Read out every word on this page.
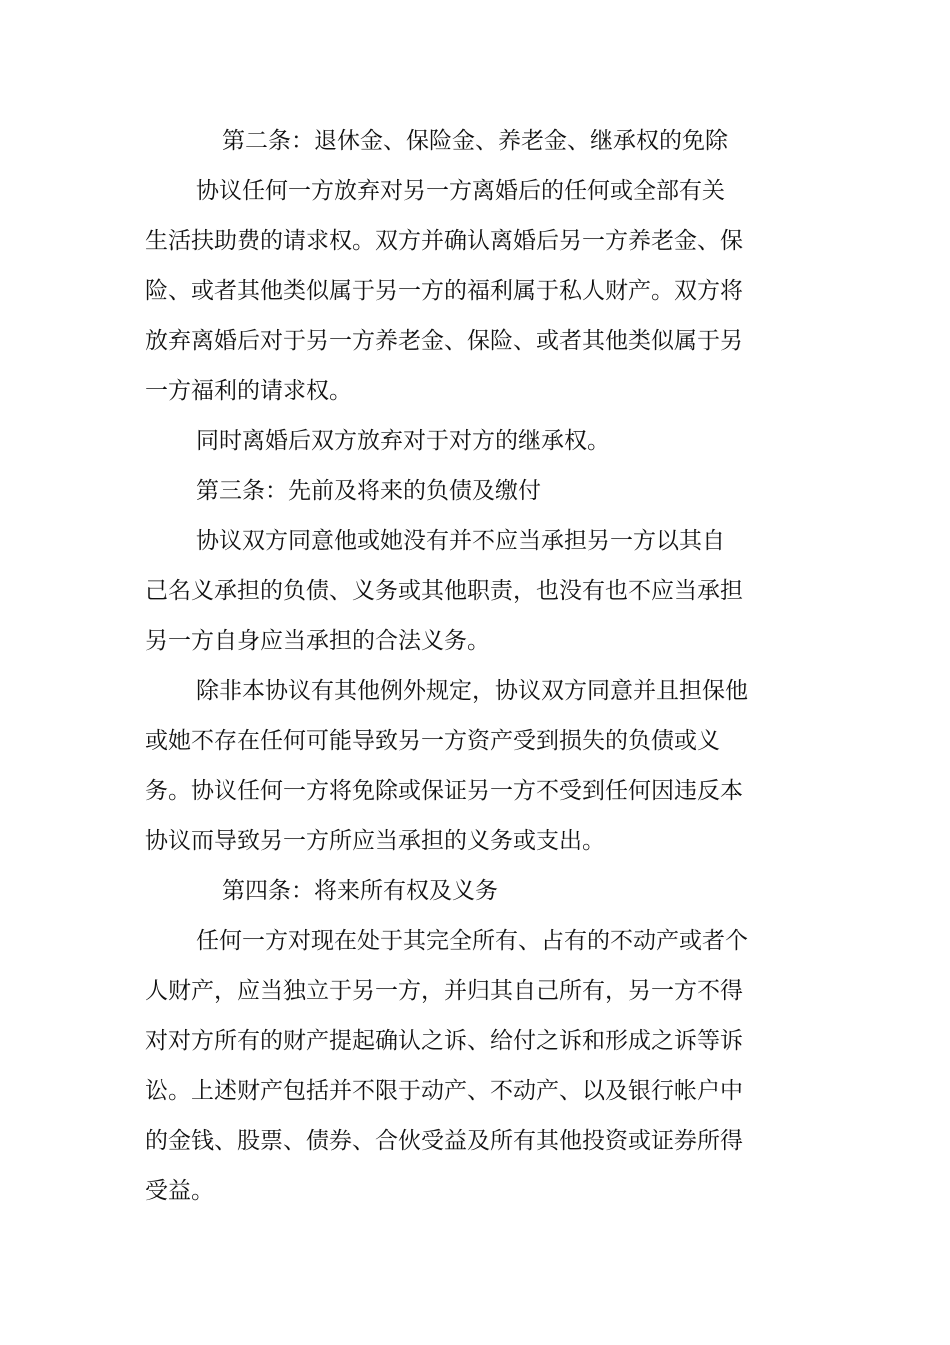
第二条：退休金、保险金、养老金、继承权的免除
协议任何一方放弃对另一方离婚后的任何或全部有关
生活扶助费的请求权。双方并确认离婚后另一方养老金、保
险、或者其他类似属于另一方的福利属于私人财产。双方将
放弃离婚后对于另一方养老金、保险、或者其他类似属于另
一方福利的请求权。
同时离婚后双方放弃对于对方的继承权。
第三条：先前及将来的负债及缴付
协议双方同意他或她没有并不应当承担另一方以其自
己名义承担的负债、义务或其他职责，也没有也不应当承担
另一方自身应当承担的合法义务。
除非本协议有其他例外规定，协议双方同意并且担保他
或她不存在任何可能导致另一方资产受到损失的负债或义
务。协议任何一方将免除或保证另一方不受到任何因违反本
协议而导致另一方所应当承担的义务或支出。
第四条：将来所有权及义务
任何一方对现在处于其完全所有、占有的不动产或者个
人财产，应当独立于另一方，并归其自己所有，另一方不得
对对方所有的财产提起确认之诉、给付之诉和形成之诉等诉
讼。上述财产包括并不限于动产、不动产、以及银行帐户中
的金钱、股票、债券、合伙受益及所有其他投资或证券所得
受益。
